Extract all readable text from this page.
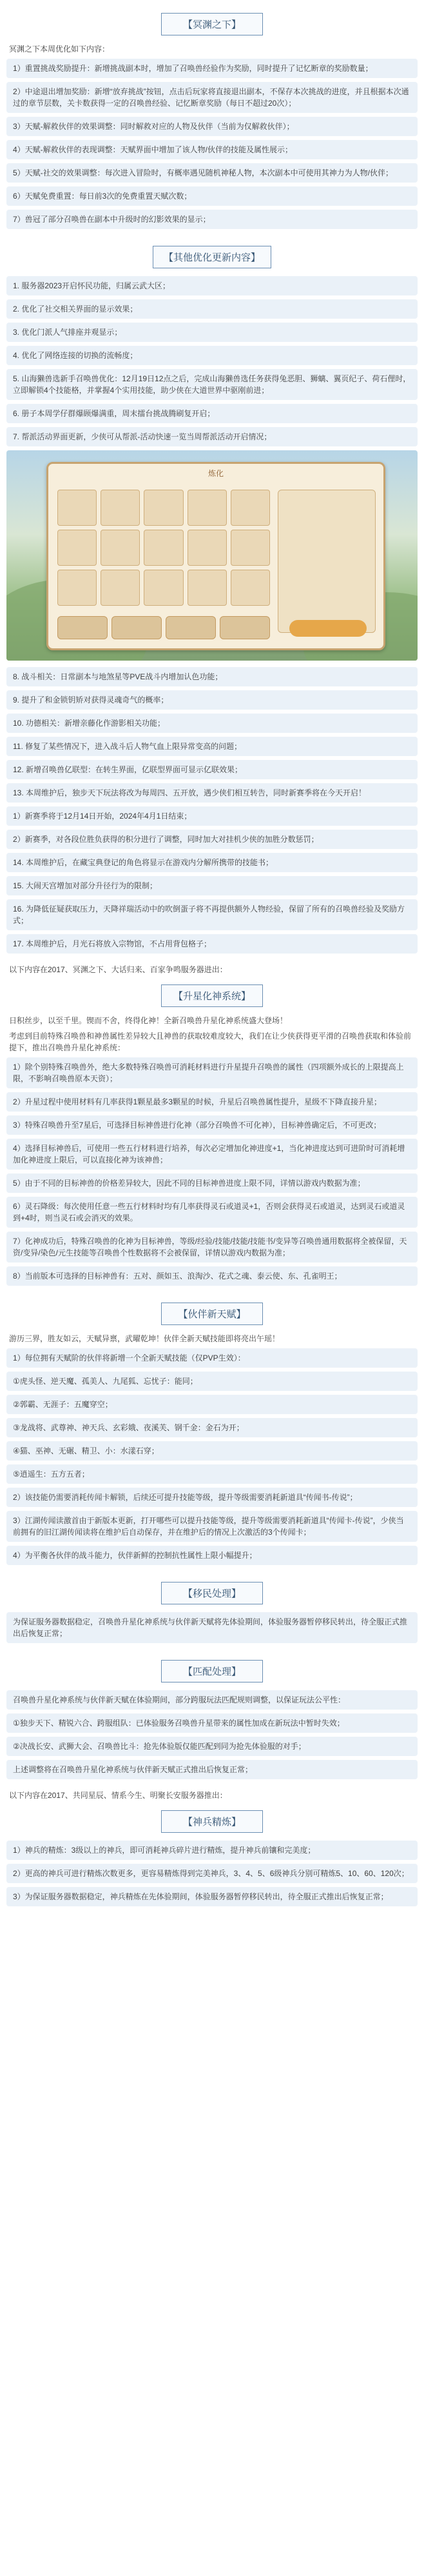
【冥渊之下】
冥渊之下本周优化如下内容：
1）重置挑战奖励提升：新增挑战副本时，增加了召唤兽经验作为奖励，同时提升了记忆断章的奖励数量；
2）中途退出增加奖励：新增“放弃挑战”按钮，点击后玩家将直接退出副本，不保存本次挑战的进度，并且根据本次通过的章节层数，关卡数获得一定的召唤兽经验、记忆断章奖励（每日不超过20次）；
3）天赋-解救伙伴的效果调整：同时解救对应的人物及伙伴（当前为仅解救伙伴）；
4）天赋-解救伙伴的表现调整：天赋界面中增加了该人物/伙伴的技能及属性展示；
5）天赋-社交的效果调整：每次进入冒险时，有概率遇见随机神秘人物，本次副本中可使用其神力为人物/伙伴；
6）天赋免费重置：每日前3次的免费重置天赋次数；
7）兽冠了部分召唤兽在副本中升级时的幻影效果的显示；
【其他优化更新内容】
1. 服务器2023开启怀民功能，归属云武大区；
2. 优化了社交相关界面的显示效果；
3. 优化门派人气排座并观显示；
4. 优化了网络连接的切换的流畅度；
5. 山海獭兽选新手召唤兽优化：12月19日12点之后，完成山海獭兽选任务获得兔恶胆、狮螭、翼页纪子、荷石俚时，立即解锁4个技能格，并掌握4个实用技能，助少侠在大道世界中驱刚前进；
6. 册子本周学仔群爆顾爆满重，周末擂台挑战腾刷复开启；
7. 帮派活动界面更新，少侠可从帮派-活动快速一览当周帮派活动开启情况；
炼化
8. 战斗相关：日常副本与地煞星等PVE战斗内增加认色功能；
9. 提升了和金锁钥矫对获得灵魂奇气的概率；
10. 功德相关：新增亲藤化作游影相关功能；
11. 修复了某些情况下，进入战斗后人物气血上限异常变高的问题；
12. 新增召唤兽亿联型：在转生界面，亿联型界面可显示亿联效果；
13. 本周维护后，独步天下玩法将改为每周四、五开放，遇少侠们相互转告，同时新赛季将在今天开启！
1）新赛季将于12月14日开始，2024年4月1日结束；
2）新赛季，对各段位胜负获得的积分进行了调整，同时加大对挂机少侠的加胜分数惩罚；
14. 本周维护后，在藏宝典登记的角色将显示在游戏内分解所携带的技能书；
15. 大闹天宫增加对部分升径行为的限制；
16. 为降低征疑获取压力，天降祥瑞活动中的吹倒蛋子将不再提供额外人物经验，保留了所有的召唤兽经验及奖励方式；
17. 本周维护后，月光石将放入宗物馆，不占用背包格子；
以下内容在2017、冥渊之下、大话归来、百家争鸣服务器进出：
【升星化神系统】
日积丝步，以至千里。锲而不舍，终得化神！全新召唤兽升星化神系统盛大登场！
考虑到目前特殊召唤兽和神兽属性差异较大且神兽的获取较难度较大，我们在让少侠获得更平滑的召唤兽获取和体验前提下，推出召唤兽升星化神系统：
1）除个别特殊召唤兽外，绝大多数特殊召唤兽可消耗材料进行升星提升召唤兽的属性（四项额外成长的上限提高上限，不影响召唤兽原本天资）；
2）升星过程中使用材料有几率获得1颗星最多3颗星的时候，升星后召唤兽属性提升，星级不下降直接升星；
3）特殊召唤兽升至7星后，可选择目标神兽进行化神（部分召唤兽不可化神），目标神兽确定后，不可更改；
4）选择目标神兽后，可使用一些五行材料进行培养，每次必定增加化神进度+1，当化神进度达到可进阶时可消耗增加化神进度上限后，可以直接化神为该神兽；
5）由于不同的目标神兽的价格差异较大，因此不同的目标神兽进度上限不同，详情以游戏内数据为准；
6）灵石降级：每次使用任意一些五行材料时均有几率获得灵石或道灵+1，否则会获得灵石或道灵，达到灵石或道灵到+4时，则当灵石或会消灭的效果。
7）化神成功后，特殊召唤兽的化神为目标神兽，等级/经验/技能/技能/技能书/变异等召唤兽通用数据将全被保留，天资/变异/染色/元生技能等召唤兽个性数据将不会被保留，详情以游戏内数据为准；
8）当前版本可选择的目标神兽有：五对、颜如玉、浪淘沙、花式之魂、泰云使、东、孔雀明王；
【伙伴新天赋】
游历三界，胜友如云，天赋异禀，武曜乾坤！伙伴全新天赋技能即将亮出午瑶！
1）每位拥有天赋阶的伙伴将新增一个全新天赋技能（仅PVP生效）：
①虎头怪、逆天魔、孤美人、九尾狐、忘忧子：能同；
②郭霸、无涯子：五魔穿空；
③龙战将、武尊神、神天兵、玄彩娥、夜溪芙、钢千金：金石为开；
④猫、巫神、无碾、精卫、小：水漾石穿；
⑤逍遥生：五方五者；
2）该技能仍需要消耗传闻卡解锁，后续还可提升技能等级，提升等级需要消耗新道具“传闻书-传说”；
3）江湖传闻读激首由于新版本更新，打开哪些可以提升技能等级，提升等级需要消耗新道具“传闻卡-传说”，少侠当前拥有的旧江湖传闻读将在维护后自动保存，并在维护后的情况上次激活的3个传闻卡；
4）为平衡各伙伴的战斗能力，伙伴新鲜的控制抗性属性上限小幅提升；
【移民处理】
为保证服务器数据稳定，召唤兽升星化神系统与伙伴新天赋将先体验期间，体验服务器暂停移民转出，待全服正式推出后恢复正常；
【匹配处理】
召唤兽升星化神系统与伙伴新天赋在体验期间，部分跨服玩法匹配规则调整，以保证玩法公平性：
①独步天下、精锐六合、跨服组队：已体验服务召唤兽升星带来的属性加成在新玩法中暂时失效；
②决战长安、武狮大会、召唤兽比斗：抢先体验版仅能匹配到同为抢先体验服的对手；
上述调整将在召唤兽升星化神系统与伙伴新天赋正式推出后恢复正常；
以下内容在2017、共同星辰、情系今生、明聚长安服务器推出：
【神兵精炼】
1）神兵的精炼：3级以上的神兵，即可消耗神兵碎片进行精炼，提升神兵前镶和完美度；
2）更高的神兵可进行精炼次数更多，更容易精炼得到完美神兵，3、4、5、6级神兵分别可精炼5、10、60、120次；
3）为保证服务器数据稳定，神兵精炼在先体验期间，体验服务器暂停移民转出，待全服正式推出后恢复正常；
